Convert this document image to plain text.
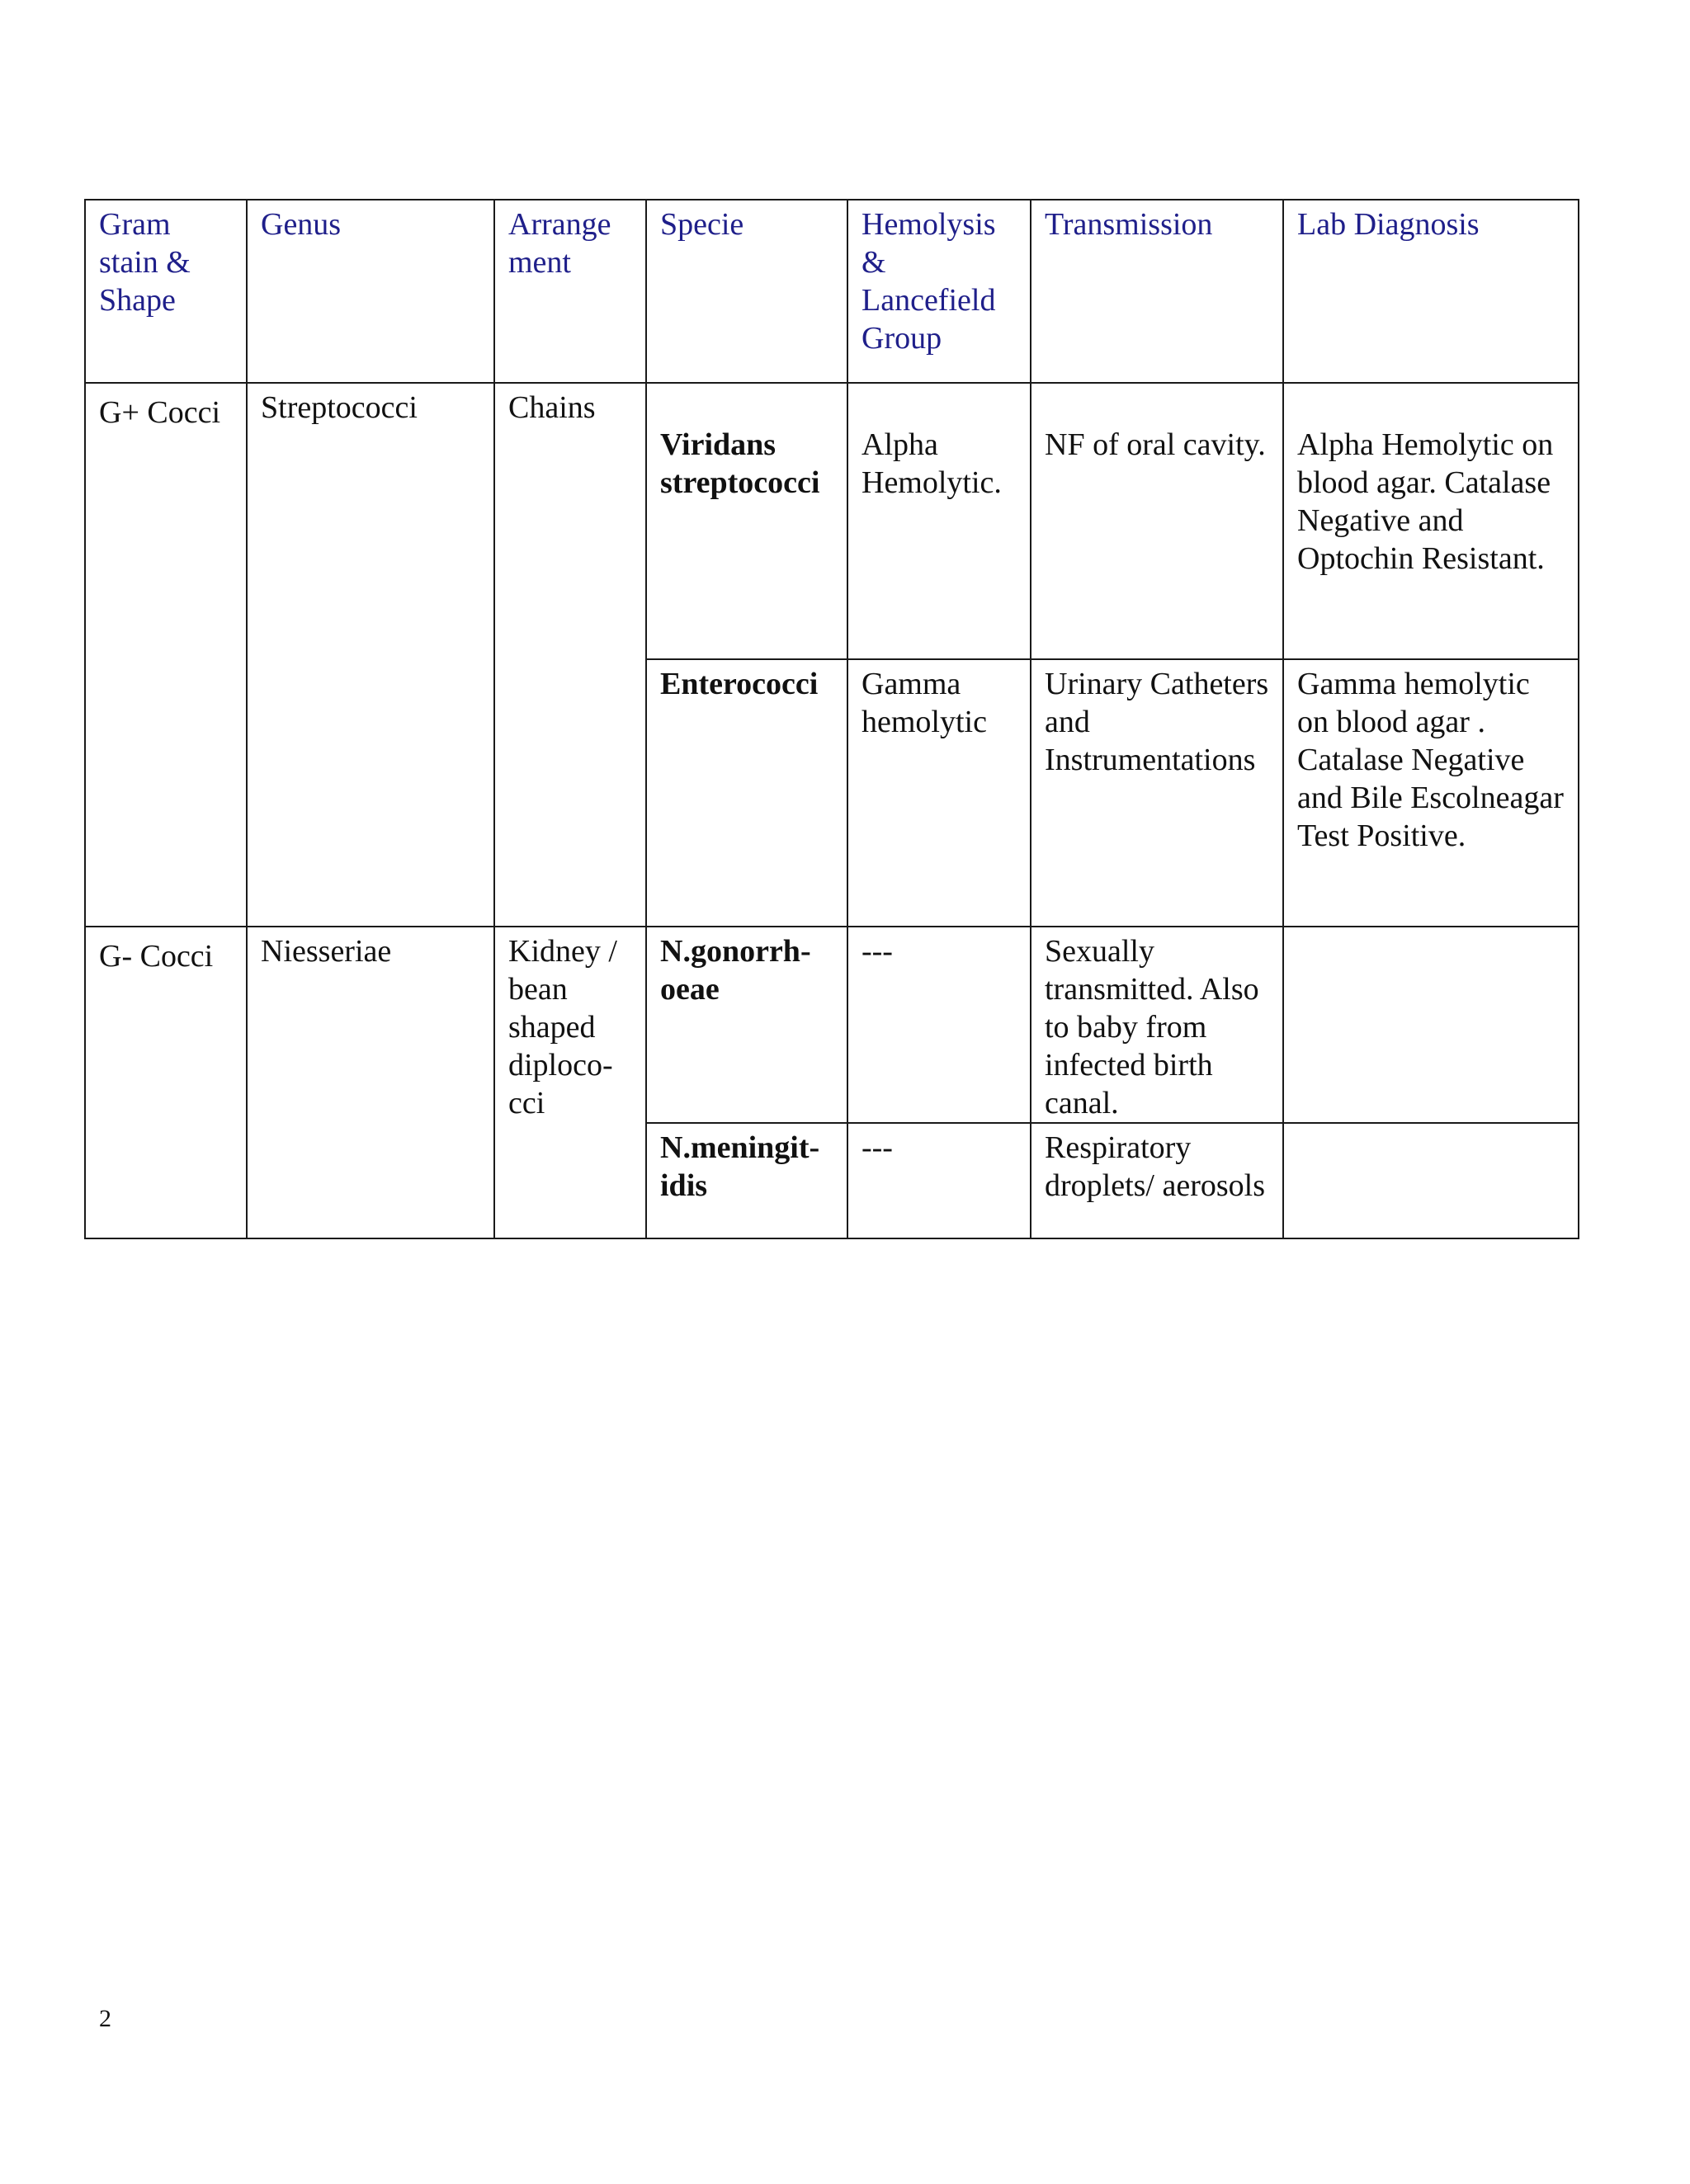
Gram stain & Shape	Genus	Arrange ment	Specie	Hemolysis & Lancefield Group	Transmission	Lab Diagnosis
G+ Cocci	Streptococci	Chains	Viridans streptococci	Alpha Hemolytic.	NF of oral cavity.	Alpha Hemolytic on blood agar. Catalase Negative and Optochin Resistant.
			Enterococci	Gamma hemolytic	Urinary Catheters and Instrumentations	Gamma hemolytic on blood agar . Catalase Negative and Bile Escolneagar Test Positive.
G- Cocci	Niesseriae	Kidney / bean shaped diploco- cci	N.gonorrh- oeae	---	Sexually transmitted. Also to baby from infected birth canal.	
			N.meningit- idis	---	Respiratory droplets/ aerosols	
2
